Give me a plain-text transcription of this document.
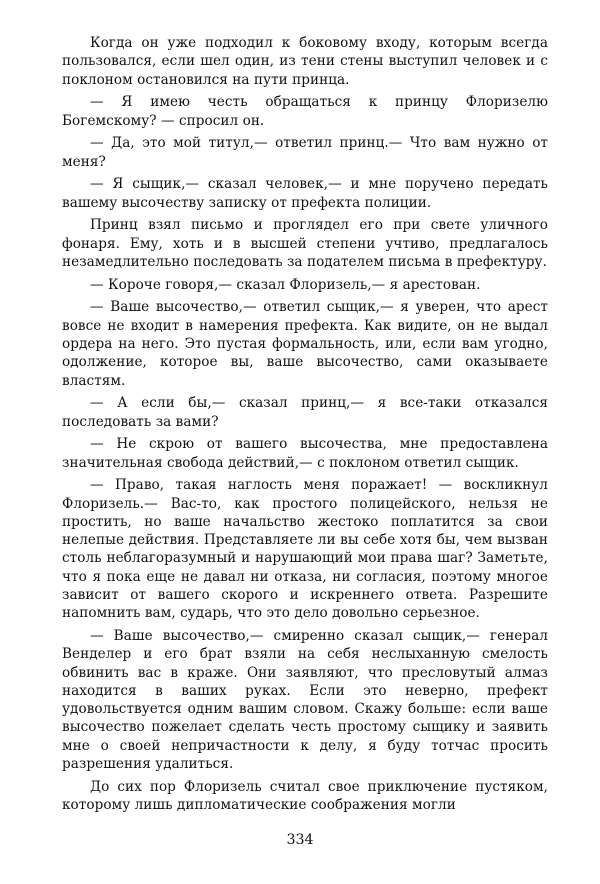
Когда он уже подходил к боковому входу, которым всегда пользовался, если шел один, из тени стены выступил человек и с поклоном остановился на пути принца.

— Я имею честь обращаться к принцу Флоризелю Богемскому? — спросил он.

— Да, это мой титул,— ответил принц.— Что вам нужно от меня?

— Я сыщик,— сказал человек,— и мне поручено передать вашему высочеству записку от префекта полиции.

Принц взял письмо и проглядел его при свете уличного фонаря. Ему, хоть и в высшей степени учтиво, предлагалось незамедлительно последовать за подателем письма в префектуру.

— Короче говоря,— сказал Флоризель,— я арестован.

— Ваше высочество,— ответил сыщик,— я уверен, что арест вовсе не входит в намерения префекта. Как видите, он не выдал ордера на него. Это пустая формальность, или, если вам угодно, одолжение, которое вы, ваше высочество, сами оказываете властям.

— А если бы,— сказал принц,— я все-таки отказался последовать за вами?

— Не скрою от вашего высочества, мне предоставлена значительная свобода действий,— с поклоном ответил сыщик.

— Право, такая наглость меня поражает! — воскликнул Флоризель.— Вас-то, как простого полицейского, нельзя не простить, но ваше начальство жестоко поплатится за свои нелепые действия. Представляете ли вы себе хотя бы, чем вызван столь неблагоразумный и нарушающий мои права шаг? Заметьте, что я пока еще не давал ни отказа, ни согласия, поэтому многое зависит от вашего скорого и искреннего ответа. Разрешите напомнить вам, сударь, что это дело довольно серьезное.

— Ваше высочество,— смиренно сказал сыщик,— генерал Венделер и его брат взяли на себя неслыханную смелость обвинить вас в краже. Они заявляют, что пресловутый алмаз находится в ваших руках. Если это неверно, префект удовольствуется одним вашим словом. Скажу больше: если ваше высочество пожелает сделать честь простому сыщику и заявить мне о своей непричастности к делу, я буду тотчас просить разрешения удалиться.

До сих пор Флоризель считал свое приключение пустяком, которому лишь дипломатические соображения могли

334
